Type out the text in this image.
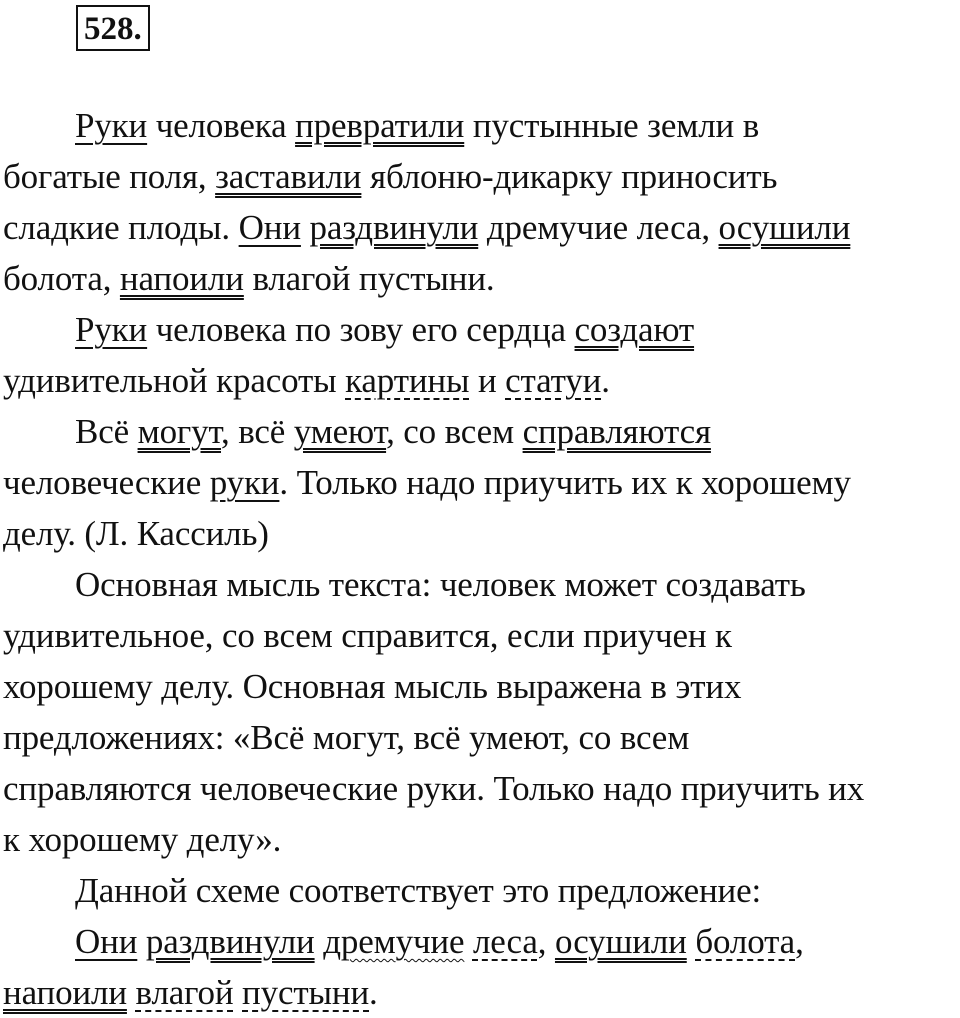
528.
Руки человека превратили пустынные земли в
богатые поля, заставили яблоню-дикарку приносить
сладкие плоды. Они раздвинули дремучие леса, осушили
болота, напоили влагой пустыни.
Руки человека по зову его сердца создают
удивительной красоты картины и статуи.
Всё могут, всё умеют, со всем справляются
человеческие руки. Только надо приучить их к хорошему
делу. (Л. Кассиль)
Основная мысль текста: человек может создавать
удивительное, со всем справится, если приучен к
хорошему делу. Основная мысль выражена в этих
предложениях: «Всё могут, всё умеют, со всем
справляются человеческие руки. Только надо приучить их
к хорошему делу».
Данной схеме соответствует это предложение:
Они раздвинули дремучие леса, осушили болота,
напоили влагой пустыни.
